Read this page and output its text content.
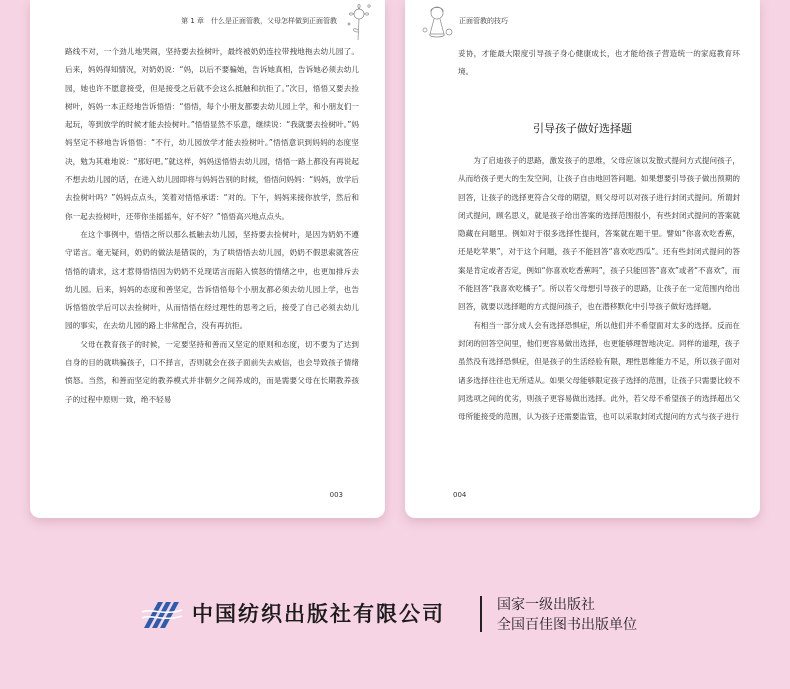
第 1 章　什么是正面管教，父母怎样做到正面管教

路线不对，一个劲儿地哭闹，坚持要去捡树叶，最终被奶奶连拉带拽地拖去幼儿园了。后来，妈妈得知情况，对奶奶说：“妈，以后不要骗她，告诉她真相，告诉她必须去幼儿园，她也许不愿意接受，但是接受之后就不会这么抵触和抗拒了。”次日，悟悟又要去捡树叶，妈妈一本正经地告诉悟悟：“悟悟，每个小朋友都要去幼儿园上学，和小朋友们一起玩，等到放学的时候才能去捡树叶。”悟悟显然不乐意，继续说：“我就要去捡树叶。”妈妈坚定不移地告诉悟悟：“不行，幼儿园放学才能去捡树叶。”悟悟意识到妈妈的态度坚决，勉为其难地说：“那好吧。”就这样，妈妈送悟悟去幼儿园，悟悟一路上都没有再说起不想去幼儿园的话，在进入幼儿园即将与妈妈告别的时候，悟悟问妈妈：“妈妈，放学后去捡树叶吗？”妈妈点点头，笑着对悟悟承诺：“对的。下午，妈妈来接你放学，然后和你一起去捡树叶，还带你坐摇摇车，好不好？”悟悟高兴地点点头。

在这个事例中，悟悟之所以那么抵触去幼儿园，坚持要去捡树叶，是因为奶奶不遵守诺言。毫无疑问，奶奶的做法是错误的，为了哄悟悟去幼儿园，奶奶不假思索就答应悟悟的请求，这才惹得悟悟因为奶奶不兑现诺言而陷入愤怒的情绪之中，也更加排斥去幼儿园。后来，妈妈的态度和善坚定，告诉悟悟每个小朋友都必须去幼儿园上学，也告诉悟悟放学后可以去捡树叶，从而悟悟在经过理性的思考之后，接受了自己必须去幼儿园的事实，在去幼儿园的路上非常配合，没有再抗拒。

父母在教育孩子的时候，一定要坚持和善而又坚定的原则和态度，切不要为了达到自身的目的就哄骗孩子，口不择言，否则就会在孩子面前失去威信，也会导致孩子情绪愤怒。当然，和善而坚定的教养模式并非朝夕之间养成的，而是需要父母在长期教养孩子的过程中原则一致，绝不轻易

003
正面管教的技巧

妥协，才能最大限度引导孩子身心健康成长，也才能给孩子营造统一的家庭教育环境。

引导孩子做好选择题

为了启迪孩子的思路，激发孩子的思维，父母应该以发散式提问方式提问孩子，从而给孩子更大的生发空间，让孩子自由地回答问题。如果想要引导孩子做出预期的回答，让孩子的选择更符合父母的期望，则父母可以对孩子进行封闭式提问。所谓封闭式提问，顾名思义，就是孩子给出答案的选择范围很小，有些封闭式提问的答案就隐藏在问题里。例如对于很多选择性提问，答案就在题干里。譬如“你喜欢吃香蕉，还是吃苹果”，对于这个问题，孩子不能回答“喜欢吃西瓜”。还有些封闭式提问的答案是肯定或者否定，例如“你喜欢吃香蕉吗”，孩子只能回答“喜欢”或者“不喜欢”，而不能回答“我喜欢吃橘子”。所以若父母想引导孩子的思路，让孩子在一定范围内给出回答，就要以选择题的方式提问孩子，也在潜移默化中引导孩子做好选择题。

有相当一部分成人会有选择恐惧症，所以他们并不希望面对太多的选择。反而在封闭的回答空间里，他们更容易做出选择，也更能够理智地决定。同样的道理，孩子虽然没有选择恐惧症，但是孩子的生活经验有限，理性思维能力不足，所以孩子面对诸多选择往往也无所适从。如果父母能够限定孩子选择的范围，让孩子只需要比较不同选项之间的优劣，则孩子更容易做出选择。此外，若父母不希望孩子的选择超出父母所能接受的范围，认为孩子还需要监管，也可以采取封闭式提问的方式与孩子进行

004
中国纺织出版社有限公司	国家一级出版社
全国百佳图书出版单位
